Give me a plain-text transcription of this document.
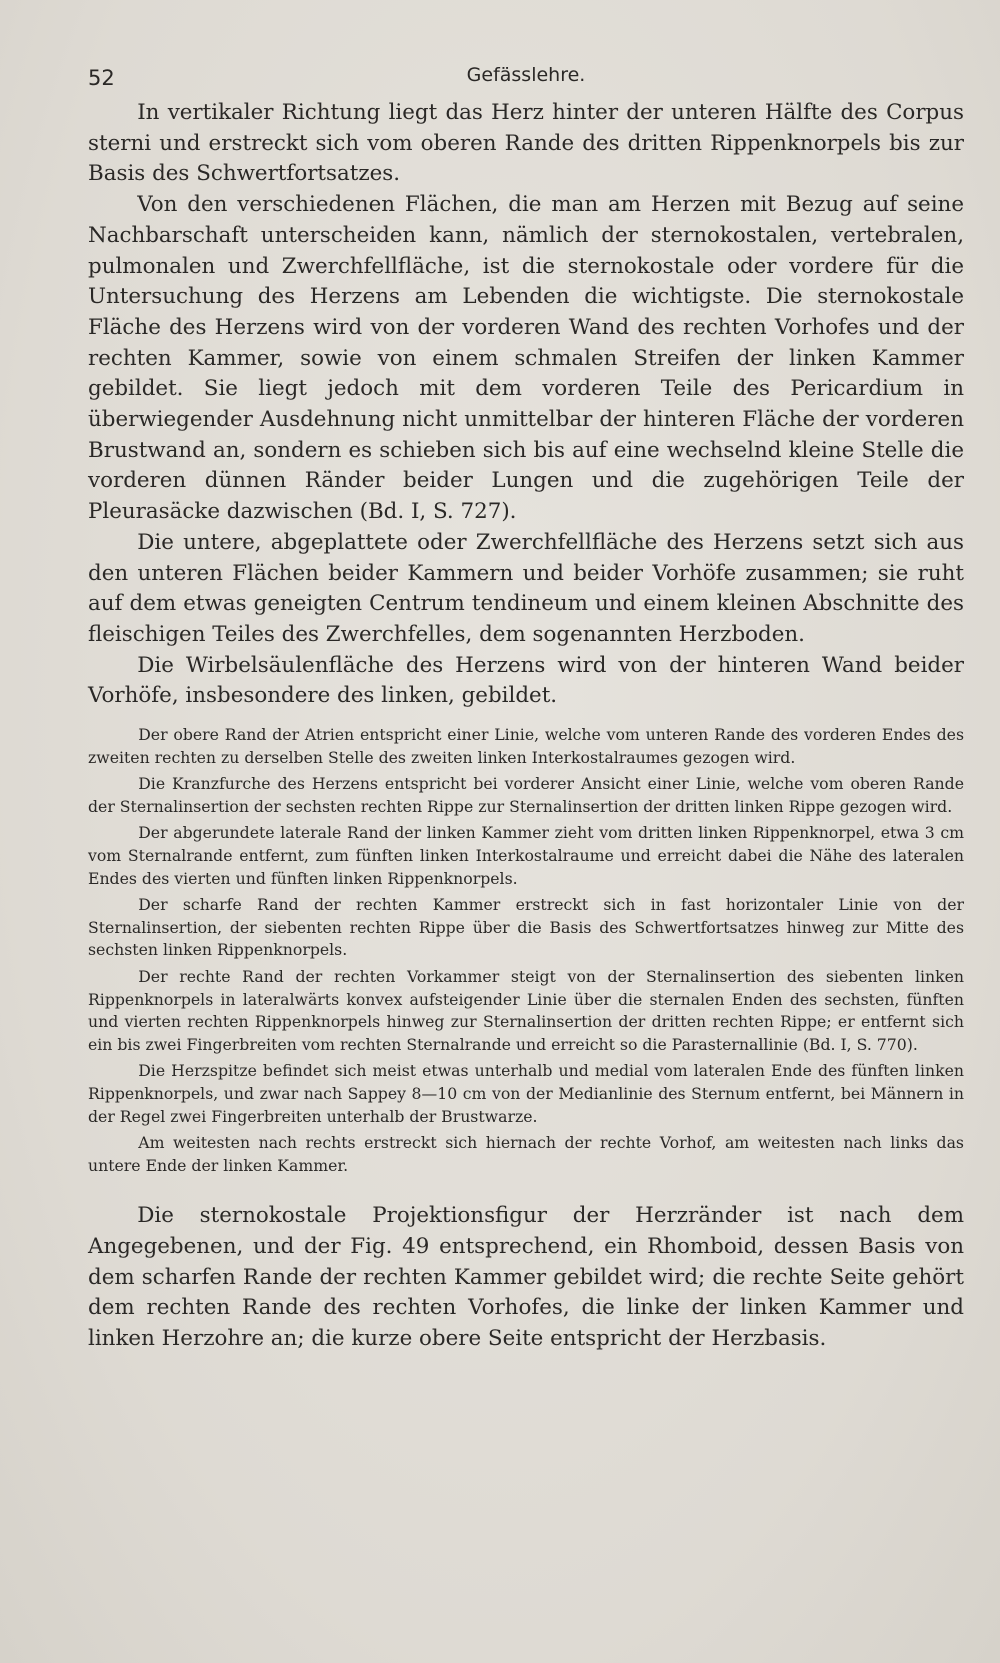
52	Gefässlehre.

In vertikaler Richtung liegt das Herz hinter der unteren Hälfte des Corpus sterni und erstreckt sich vom oberen Rande des dritten Rippenknorpels bis zur Basis des Schwertfortsatzes.

Von den verschiedenen Flächen, die man am Herzen mit Bezug auf seine Nachbarschaft unterscheiden kann, nämlich der sternokostalen, vertebralen, pulmonalen und Zwerchfellfläche, ist die sternokostale oder vordere für die Untersuchung des Herzens am Lebenden die wichtigste. Die sternokostale Fläche des Herzens wird von der vorderen Wand des rechten Vorhofes und der rechten Kammer, sowie von einem schmalen Streifen der linken Kammer gebildet. Sie liegt jedoch mit dem vorderen Teile des Pericardium in überwiegender Ausdehnung nicht unmittelbar der hinteren Fläche der vorderen Brustwand an, sondern es schieben sich bis auf eine wechselnd kleine Stelle die vorderen dünnen Ränder beider Lungen und die zugehörigen Teile der Pleurasäcke dazwischen (Bd. I, S. 727).

Die untere, abgeplattete oder Zwerchfellfläche des Herzens setzt sich aus den unteren Flächen beider Kammern und beider Vorhöfe zusammen; sie ruht auf dem etwas geneigten Centrum tendineum und einem kleinen Abschnitte des fleischigen Teiles des Zwerchfelles, dem sogenannten Herzboden.

Die Wirbelsäulenfläche des Herzens wird von der hinteren Wand beider Vorhöfe, insbesondere des linken, gebildet.

Der obere Rand der Atrien entspricht einer Linie, welche vom unteren Rande des vorderen Endes des zweiten rechten zu derselben Stelle des zweiten linken Interkostalraumes gezogen wird.

Die Kranzfurche des Herzens entspricht bei vorderer Ansicht einer Linie, welche vom oberen Rande der Sternalinsertion der sechsten rechten Rippe zur Sternalinsertion der dritten linken Rippe gezogen wird.

Der abgerundete laterale Rand der linken Kammer zieht vom dritten linken Rippenknorpel, etwa 3 cm vom Sternalrande entfernt, zum fünften linken Interkostalraume und erreicht dabei die Nähe des lateralen Endes des vierten und fünften linken Rippenknorpels.

Der scharfe Rand der rechten Kammer erstreckt sich in fast horizontaler Linie von der Sternalinsertion, der siebenten rechten Rippe über die Basis des Schwertfortsatzes hinweg zur Mitte des sechsten linken Rippenknorpels.

Der rechte Rand der rechten Vorkammer steigt von der Sternalinsertion des siebenten linken Rippenknorpels in lateralwärts konvex aufsteigender Linie über die sternalen Enden des sechsten, fünften und vierten rechten Rippenknorpels hinweg zur Sternalinsertion der dritten rechten Rippe; er entfernt sich ein bis zwei Fingerbreiten vom rechten Sternalrande und erreicht so die Parasternallinie (Bd. I, S. 770).

Die Herzspitze befindet sich meist etwas unterhalb und medial vom lateralen Ende des fünften linken Rippenknorpels, und zwar nach Sappey 8—10 cm von der Medianlinie des Sternum entfernt, bei Männern in der Regel zwei Fingerbreiten unterhalb der Brustwarze.

Am weitesten nach rechts erstreckt sich hiernach der rechte Vorhof, am weitesten nach links das untere Ende der linken Kammer.

Die sternokostale Projektionsfigur der Herzränder ist nach dem Angegebenen, und der Fig. 49 entsprechend, ein Rhomboid, dessen Basis von dem scharfen Rande der rechten Kammer gebildet wird; die rechte Seite gehört dem rechten Rande des rechten Vorhofes, die linke der linken Kammer und linken Herzohre an; die kurze obere Seite entspricht der Herzbasis.
